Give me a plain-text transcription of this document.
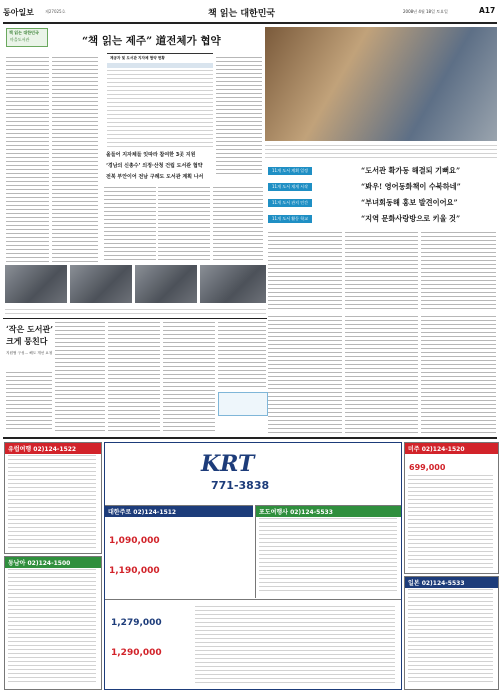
동아일보	제27025호	책 읽는 대한민국	2008년 4월 18일 토요일	A17
책 읽는 대한민국
마을도서관	“책 읽는 제주” 道전체가 협약
제공자 및 도서관 지자체 협약 현황
올들어 지자체들 잇따라 참여한 3곳 지원
‘경남의 신총수’ 의정·산청 건립 도서관 협약
전북 부안이어 전남 구례도 도서관 계획 나서
11개 도서 계획 일정	“도서관 확가동 해결되 기뻐요”
11개 도서 재개 시작	“봐우! 영어동화책이 수북하네”
11개 도서 관지 인간	“부녀회동해 홍보 발견이어요”
11개 도서 활동 학교	“지역 문화사랑방으로 키울 것”
‘작은 도서관’
크게 뭉친다
지원협 구성… 해도 개선 요청
유럽여행 02)124-1522
동남아 02)124-1500
KRT
771-3838
대한주로 02)124-1512
1,090,000
1,190,000
포도여행사 02)124-5533
1,279,000
1,290,000
미주 02)124-1520
699,000
일본 02)124-5533
